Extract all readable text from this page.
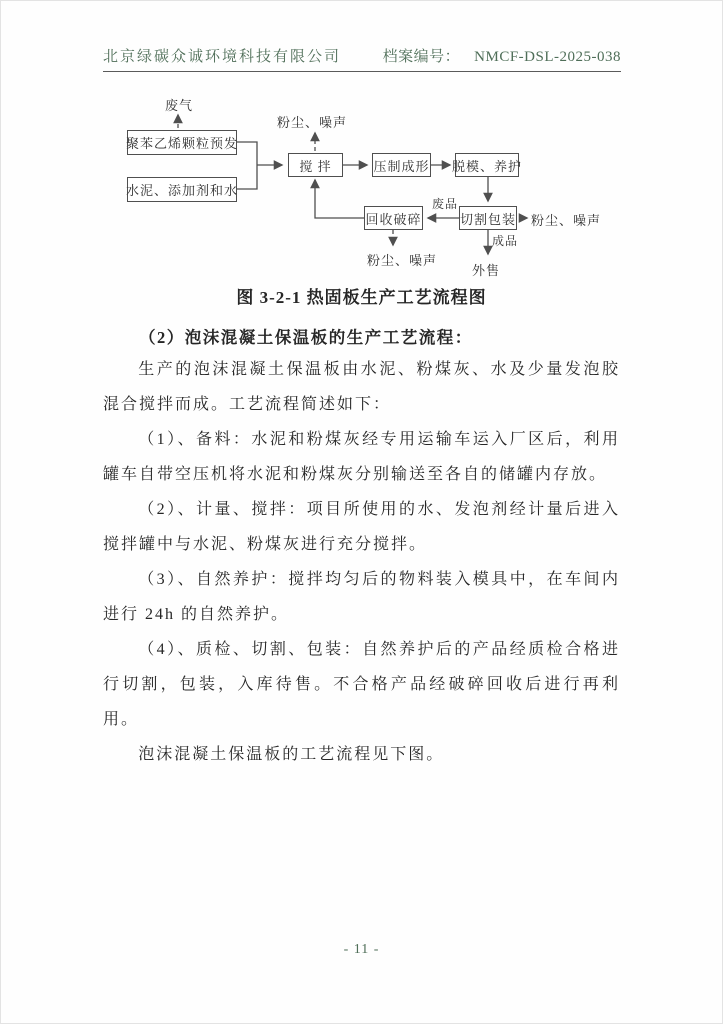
北京绿碳众诚环境科技有限公司	档案编号： NMCF-DSL-2025-038
聚苯乙烯颗粒预发
水泥、添加剂和水
搅 拌	压制成形 脱模、养护
切割包装
回收破碎
废气
粉尘、噪声
废品
粉尘、噪声
成品
外售
粉尘、噪声
图 3-2-1 热固板生产工艺流程图
（2）泡沫混凝土保温板的生产工艺流程：

生产的泡沫混凝土保温板由水泥、粉煤灰、水及少量发泡胶混合搅拌而成。工艺流程简述如下：

（1）、备料：水泥和粉煤灰经专用运输车运入厂区后，利用罐车自带空压机将水泥和粉煤灰分别输送至各自的储罐内存放。

（2）、计量、搅拌：项目所使用的水、发泡剂经计量后进入搅拌罐中与水泥、粉煤灰进行充分搅拌。

（3）、自然养护：搅拌均匀后的物料装入模具中，在车间内进行 24h 的自然养护。

（4）、质检、切割、包装：自然养护后的产品经质检合格进行切割，包装，入库待售。不合格产品经破碎回收后进行再利用。

泡沫混凝土保温板的工艺流程见下图。

- 11 -
